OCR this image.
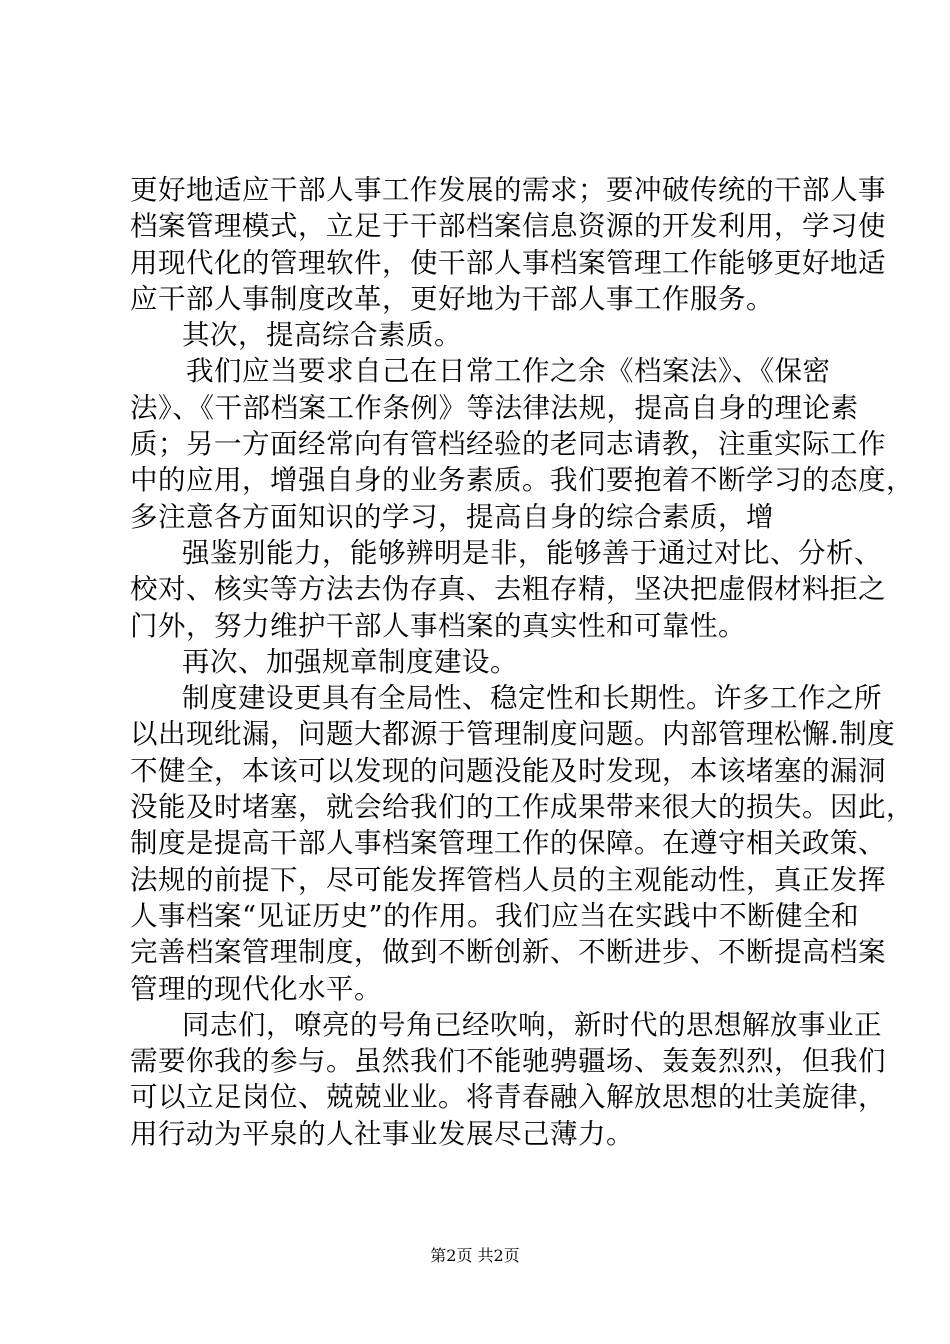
更好地适应干部人事工作发展的需求；要冲破传统的干部人事
档案管理模式，立足于干部档案信息资源的开发利用，学习使
用现代化的管理软件，使干部人事档案管理工作能够更好地适
应干部人事制度改革，更好地为干部人事工作服务。
其次，提高综合素质。
我们应当要求自己在日常工作之余《档案法》、《保密
法》、《干部档案工作条例》等法律法规，提高自身的理论素
质；另一方面经常向有管档经验的老同志请教，注重实际工作
中的应用，增强自身的业务素质。我们要抱着不断学习的态度，
多注意各方面知识的学习，提高自身的综合素质，增
强鉴别能力，能够辨明是非，能够善于通过对比、分析、
校对、核实等方法去伪存真、去粗存精，坚决把虚假材料拒之
门外，努力维护干部人事档案的真实性和可靠性。
再次、加强规章制度建设。
制度建设更具有全局性、稳定性和长期性。许多工作之所
以出现纰漏，问题大都源于管理制度问题。内部管理松懈.制度
不健全，本该可以发现的问题没能及时发现，本该堵塞的漏洞
没能及时堵塞，就会给我们的工作成果带来很大的损失。因此，
制度是提高干部人事档案管理工作的保障。在遵守相关政策、
法规的前提下，尽可能发挥管档人员的主观能动性，真正发挥
人事档案“见证历史”的作用。我们应当在实践中不断健全和
完善档案管理制度，做到不断创新、不断进步、不断提高档案
管理的现代化水平。
同志们，嘹亮的号角已经吹响，新时代的思想解放事业正
需要你我的参与。虽然我们不能驰骋疆场、轰轰烈烈，但我们
可以立足岗位、兢兢业业。将青春融入解放思想的壮美旋律，
用行动为平泉的人社事业发展尽己薄力。
第2页 共2页
